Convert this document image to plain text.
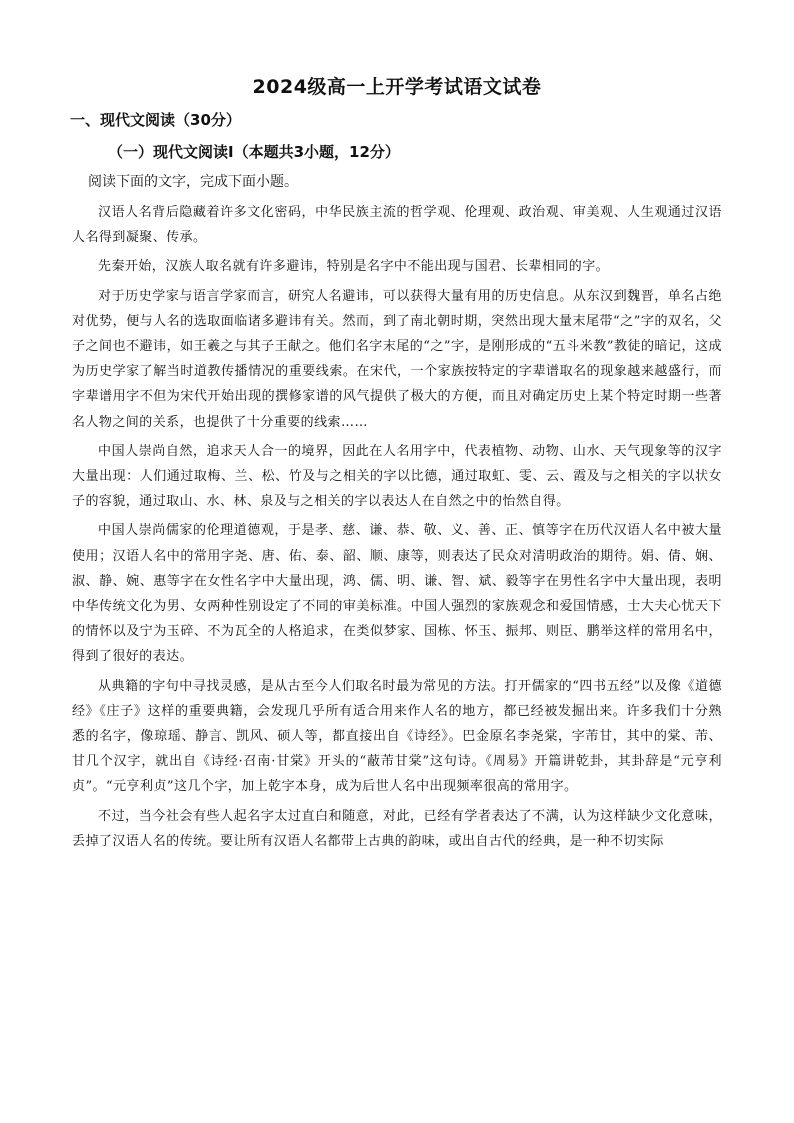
2024级高一上开学考试语文试卷
一、现代文阅读（30分）
（一）现代文阅读Ⅰ（本题共3小题，12分）
阅读下面的文字，完成下面小题。

汉语人名背后隐藏着许多文化密码，中华民族主流的哲学观、伦理观、政治观、审美观、人生观通过汉语人名得到凝聚、传承。

先秦开始，汉族人取名就有许多避讳，特别是名字中不能出现与国君、长辈相同的字。

对于历史学家与语言学家而言，研究人名避讳，可以获得大量有用的历史信息。从东汉到魏晋，单名占绝对优势，便与人名的选取面临诸多避讳有关。然而，到了南北朝时期，突然出现大量末尾带“之”字的双名，父子之间也不避讳，如王羲之与其子王献之。他们名字末尾的“之”字，是刚形成的“五斗米教”教徒的暗记，这成为历史学家了解当时道教传播情况的重要线索。在宋代，一个家族按特定的字辈谱取名的现象越来越盛行，而字辈谱用字不但为宋代开始出现的撰修家谱的风气提供了极大的方便，而且对确定历史上某个特定时期一些著名人物之间的关系，也提供了十分重要的线索……

中国人崇尚自然，追求天人合一的境界，因此在人名用字中，代表植物、动物、山水、天气现象等的汉字大量出现：人们通过取梅、兰、松、竹及与之相关的字以比德，通过取虹、雯、云、霞及与之相关的字以状女子的容貌，通过取山、水、林、泉及与之相关的字以表达人在自然之中的怡然自得。

中国人崇尚儒家的伦理道德观，于是孝、慈、谦、恭、敬、义、善、正、慎等字在历代汉语人名中被大量使用；汉语人名中的常用字尧、唐、佑、泰、韶、顺、康等，则表达了民众对清明政治的期待。娟、倩、娴、淑、静、婉、惠等字在女性名字中大量出现，鸿、儒、明、谦、智、斌、毅等字在男性名字中大量出现，表明中华传统文化为男、女两种性别设定了不同的审美标准。中国人强烈的家族观念和爱国情感，士大夫心忧天下的情怀以及宁为玉碎、不为瓦全的人格追求，在类似梦家、国栋、怀玉、振邦、则臣、鹏举这样的常用名中，得到了很好的表达。

从典籍的字句中寻找灵感，是从古至今人们取名时最为常见的方法。打开儒家的“四书五经”以及像《道德经》《庄子》这样的重要典籍，会发现几乎所有适合用来作人名的地方，都已经被发掘出来。许多我们十分熟悉的名字，像琼瑶、静言、凯风、硕人等，都直接出自《诗经》。巴金原名李尧棠，字芾甘，其中的棠、芾、甘几个汉字，就出自《诗经·召南·甘棠》开头的“蔽芾甘棠”这句诗。《周易》开篇讲乾卦，其卦辞是“元亨利贞”。“元亨利贞”这几个字，加上乾字本身，成为后世人名中出现频率很高的常用字。

不过，当今社会有些人起名字太过直白和随意，对此，已经有学者表达了不满，认为这样缺少文化意味，丢掉了汉语人名的传统。要让所有汉语人名都带上古典的韵味，或出自古代的经典，是一种不切实际
